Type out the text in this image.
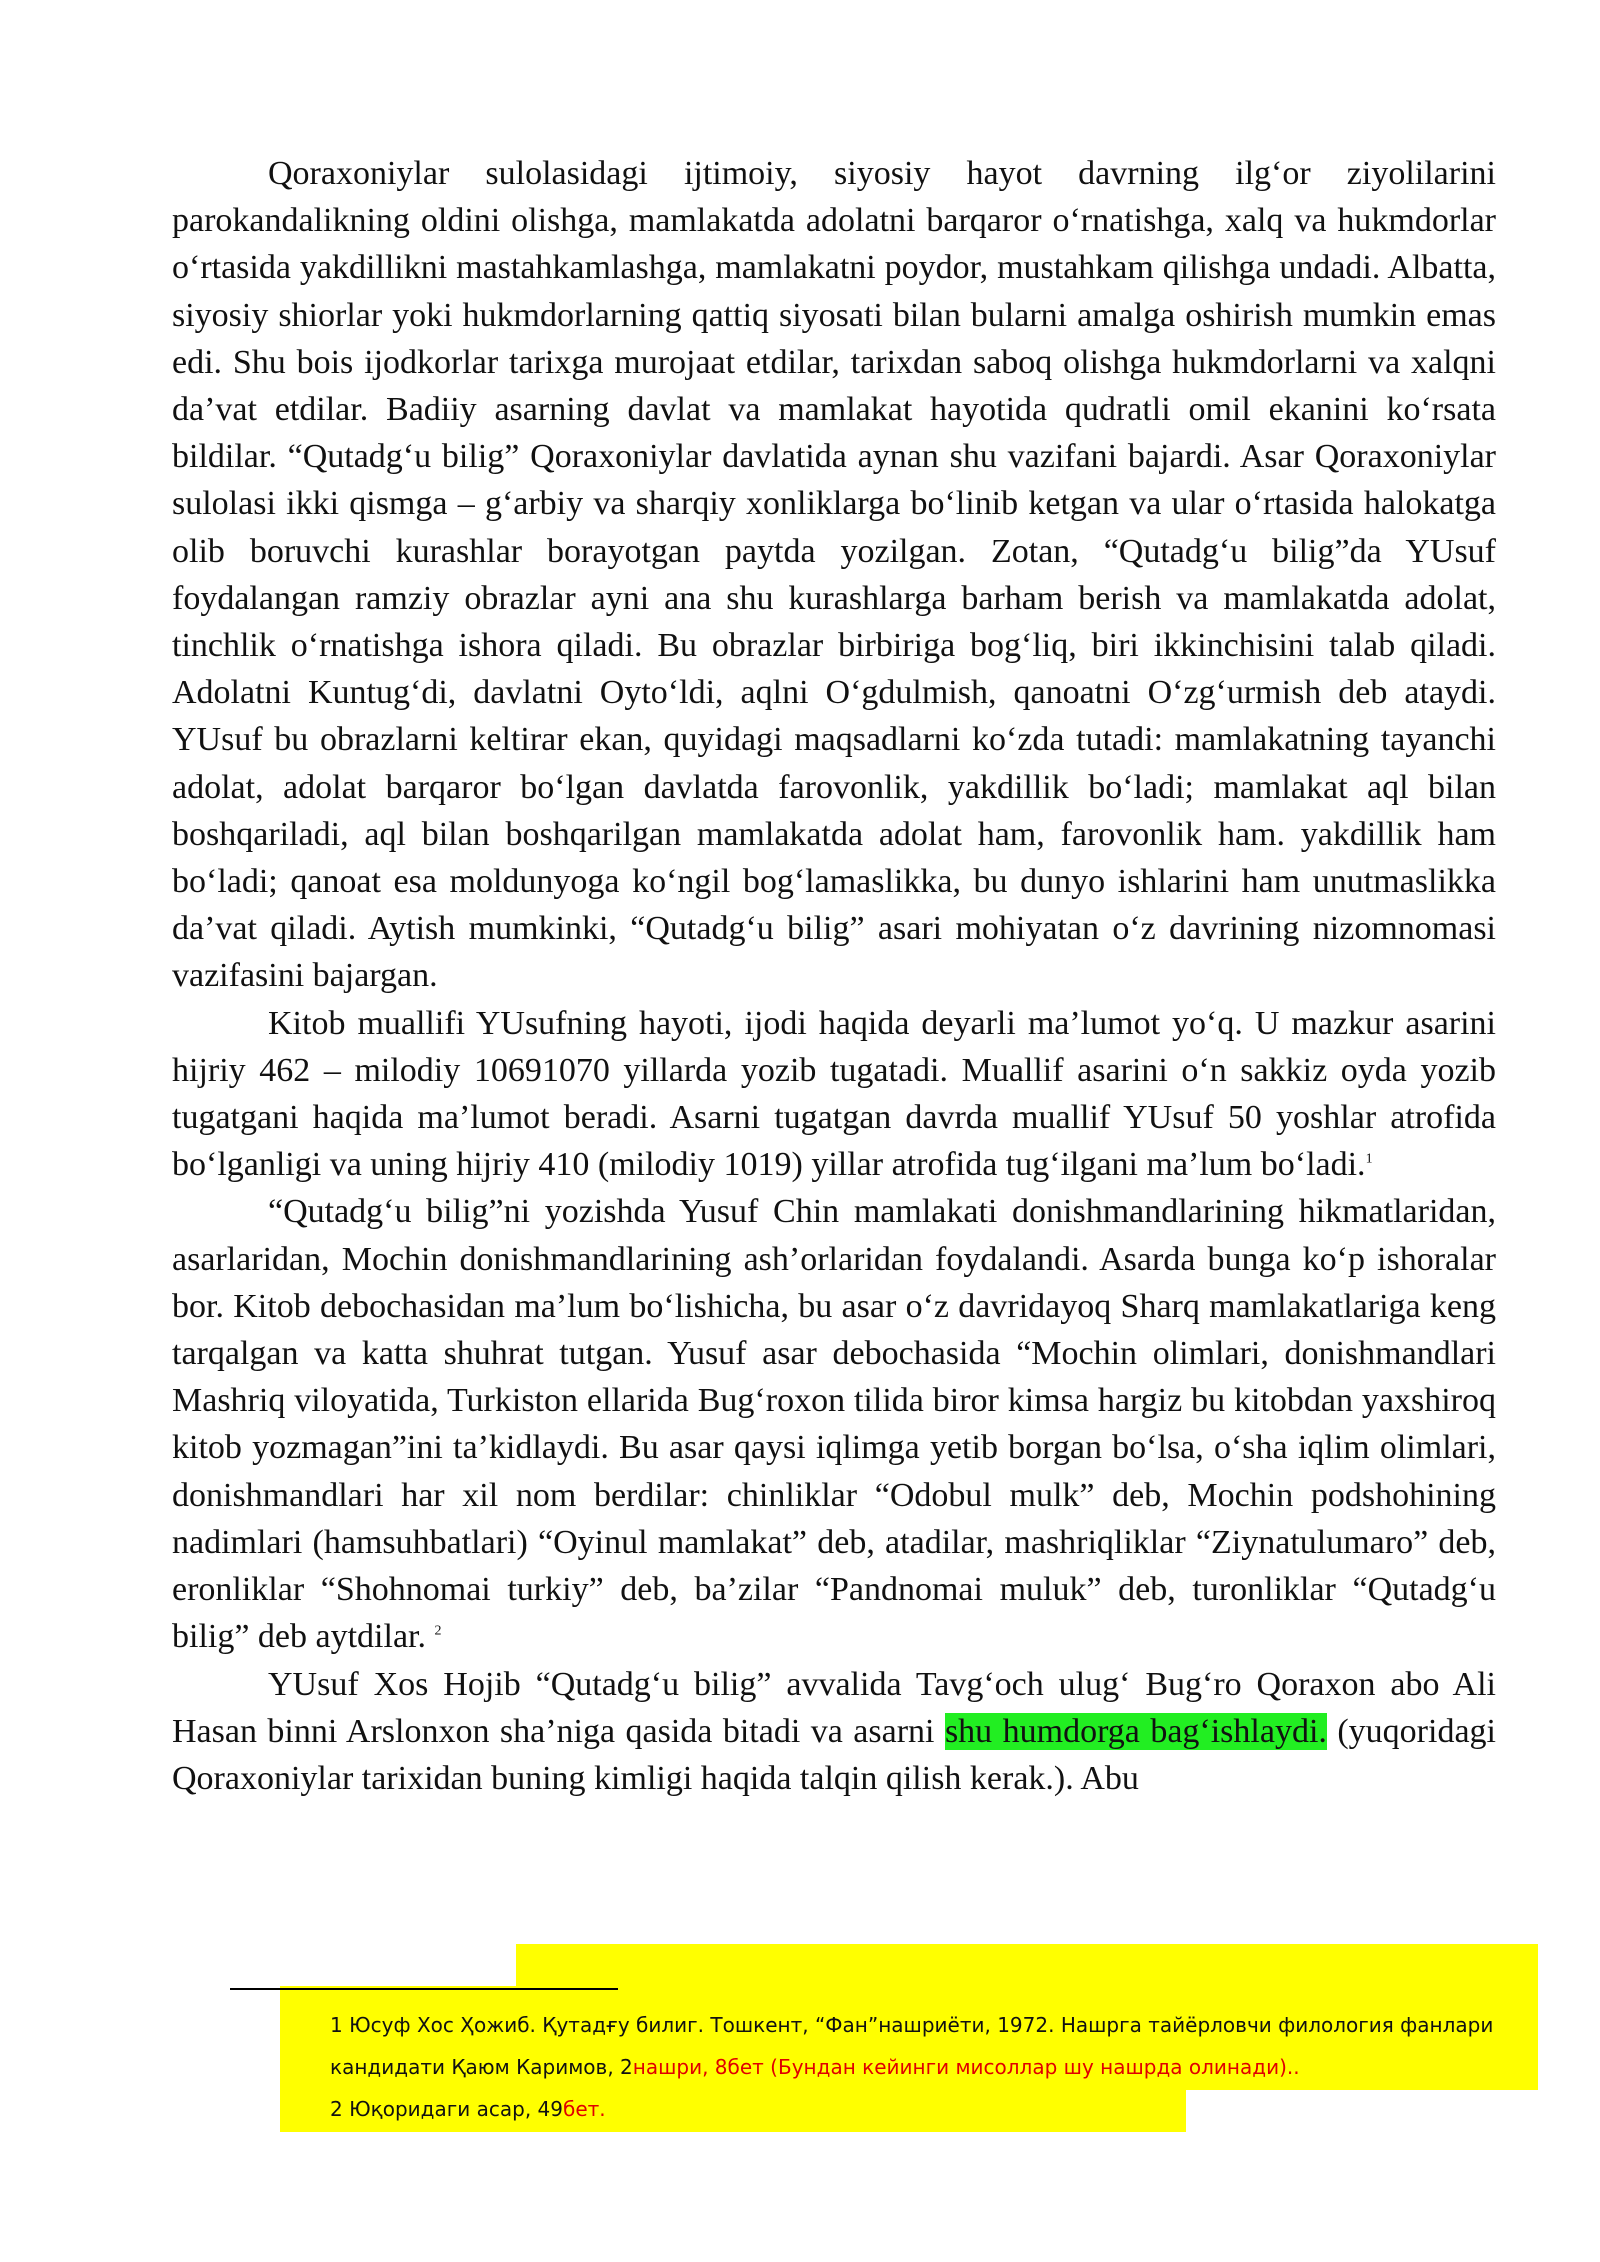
Qoraxoniylar sulolasidagi ijtimoiy, siyosiy hayot davrning ilg‘or ziyolilarini parokandalikning oldini olishga, mamlakatda adolatni barqaror o‘rnatishga, xalq va hukmdorlar o‘rtasida yakdillikni mastahkamlashga, mamlakatni poydor, mustahkam qilishga undadi. Albatta, siyosiy shiorlar yoki hukmdorlarning qattiq siyosati bilan bularni amalga oshirish mumkin emas edi. Shu bois ijodkorlar tarixga murojaat etdilar, tarixdan saboq olishga hukmdorlarni va xalqni da’vat etdilar. Badiiy asarning davlat va mamlakat hayotida qudratli omil ekanini ko‘rsata bildilar. “Qutadg‘u bilig” Qoraxoniylar davlatida aynan shu vazifani bajardi. Asar Qoraxoniylar sulolasi ikki qismga – g‘arbiy va sharqiy xonliklarga bo‘linib ketgan va ular o‘rtasida halokatga olib boruvchi kurashlar borayotgan paytda yozilgan. Zotan, “Qutadg‘u bilig”da YUsuf foydalangan ramziy obrazlar ayni ana shu kurashlarga barham berish va mamlakatda adolat, tinchlik o‘rnatishga ishora qiladi. Bu obrazlar birbiriga bog‘liq, biri ikkinchisini talab qiladi. Adolatni Kuntug‘di, davlatni Oyto‘ldi, aqlni O‘gdulmish, qanoatni O‘zg‘urmish deb ataydi. YUsuf bu obrazlarni keltirar ekan, quyidagi maqsadlarni ko‘zda tutadi: mamlakatning tayanchi adolat, adolat barqaror bo‘lgan davlatda farovonlik, yakdillik bo‘ladi; mamlakat aql bilan boshqariladi, aql bilan boshqarilgan mamlakatda adolat ham, farovonlik ham. yakdillik ham bo‘ladi; qanoat esa moldunyoga ko‘ngil bog‘lamaslikka, bu dunyo ishlarini ham unutmaslikka da’vat qiladi. Aytish mumkinki, “Qutadg‘u bilig” asari mohiyatan o‘z davrining nizomnomasi vazifasini bajargan.

Kitob muallifi YUsufning hayoti, ijodi haqida deyarli ma’lumot yo‘q. U mazkur asarini hijriy 462 – milodiy 10691070 yillarda yozib tugatadi. Muallif asarini o‘n sakkiz oyda yozib tugatgani haqida ma’lumot beradi. Asarni tugatgan davrda muallif YUsuf 50 yoshlar atrofida bo‘lganligi va uning hijriy 410 (milodiy 1019) yillar atrofida tug‘ilgani ma’lum bo‘ladi.$^1$

“Qutadg‘u bilig”ni yozishda Yusuf Chin mamlakati donishmandlarining hikmatlaridan, asarlaridan, Mochin donishmandlarining ash’orlaridan foydalandi. Asarda bunga ko‘p ishoralar bor. Kitob debochasidan ma’lum bo‘lishicha, bu asar o‘z davridayoq Sharq mamlakatlariga keng tarqalgan va katta shuhrat tutgan. Yusuf asar debochasida “Mochin olimlari, donishmandlari Mashriq viloyatida, Turkiston ellarida Bug‘roxon tilida biror kimsa hargiz bu kitobdan yaxshiroq kitob yozmagan”ini ta’kidlaydi. Bu asar qaysi iqlimga yetib borgan bo‘lsa, o‘sha iqlim olimlari, donishmandlari har xil nom berdilar: chinliklar “Odobul mulk” deb, Mochin podshohining nadimlari (hamsuhbatlari) “Oyinul mamlakat” deb, atadilar, mashriqliklar “Ziynatulumaro” deb, eronliklar “Shohnomai turkiy” deb, ba’zilar “Pandnomai muluk” deb, turonliklar “Qutadg‘u bilig” deb aytdilar. $^2$

YUsuf Xos Hojib “Qutadg‘u bilig” avvalida Tavg‘och ulug‘ Bug‘ro Qoraxon abo Ali Hasan binni Arslonxon sha’niga qasida bitadi va asarni shu humdorga bag‘ishlaydi. (yuqoridagi Qoraxoniylar tarixidan buning kimligi haqida talqin qilish kerak.). Abu

1 Юсуф Хос Ҳожиб. Қутадғу билиг. Тошкент, “Фан”нашриёти, 1972. Нашрга тайёрловчи филология фанлари кандидати Қаюм Каримов, 2нашри, 8бет (Бундан кейинги мисоллар шу нашрда олинади)..

2 Юқоридаги асар, 49бет.
